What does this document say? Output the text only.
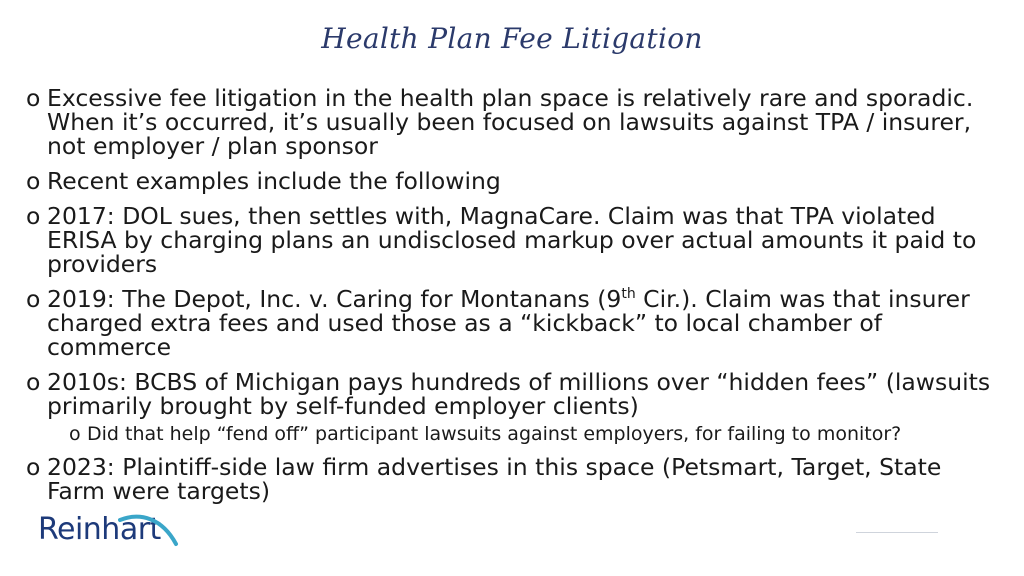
Health Plan Fee Litigation
o Excessive fee litigation in the health plan space is relatively rare and sporadic. When it’s occurred, it’s usually been focused on lawsuits against TPA / insurer, not employer / plan sponsor
o Recent examples include the following
o 2017: DOL sues, then settles with, MagnaCare. Claim was that TPA violated ERISA by charging plans an undisclosed markup over actual amounts it paid to providers
o 2019: The Depot, Inc. v. Caring for Montanans (9th Cir.). Claim was that insurer charged extra fees and used those as a “kickback” to local chamber of commerce
o 2010s: BCBS of Michigan pays hundreds of millions over “hidden fees” (lawsuits primarily brought by self-funded employer clients)
o Did that help “fend off” participant lawsuits against employers, for failing to monitor?
o 2023: Plaintiff-side law firm advertises in this space (Petsmart, Target, State Farm were targets)
Reinhart
